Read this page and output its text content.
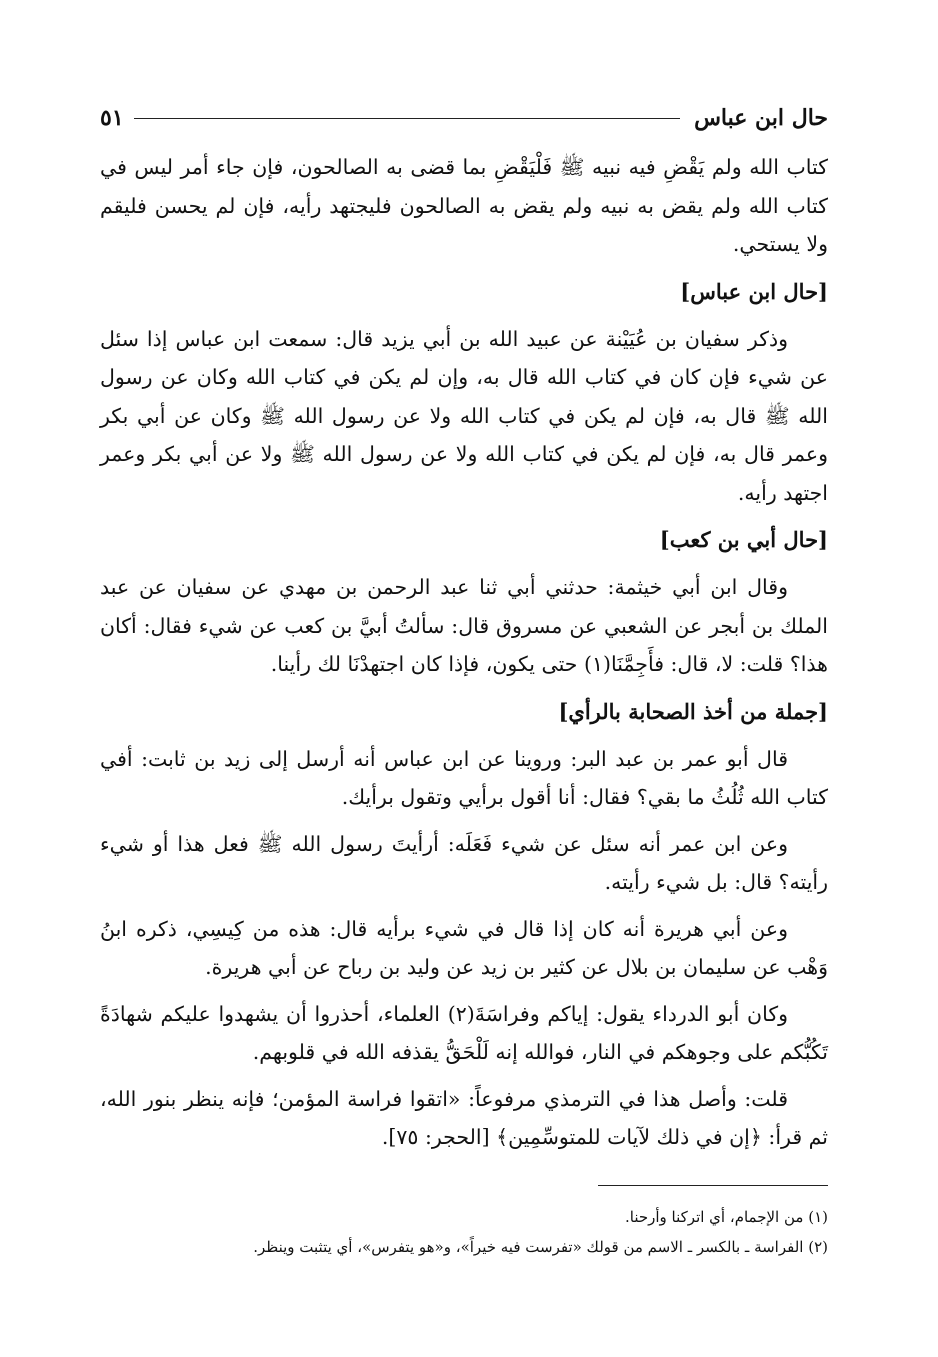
حال ابن عباس
٥١

كتاب الله ولم يَقْضِ فيه نبيه ﷺ فَلْيَقْضِ بما قضى به الصالحون، فإن جاء أمر ليس في كتاب الله ولم يقض به نبيه ولم يقض به الصالحون فليجتهد رأيه، فإن لم يحسن فليقم ولا يستحي.

[حال ابن عباس]

وذكر سفيان بن عُيَيْنة عن عبيد الله بن أبي يزيد قال: سمعت ابن عباس إذا سئل عن شيء فإن كان في كتاب الله قال به، وإن لم يكن في كتاب الله وكان عن رسول الله ﷺ قال به، فإن لم يكن في كتاب الله ولا عن رسول الله ﷺ وكان عن أبي بكر وعمر قال به، فإن لم يكن في كتاب الله ولا عن رسول الله ﷺ ولا عن أبي بكر وعمر اجتهد رأيه.

[حال أبي بن كعب]

وقال ابن أبي خيثمة: حدثني أبي ثنا عبد الرحمن بن مهدي عن سفيان عن عبد الملك بن أبجر عن الشعبي عن مسروق قال: سألتُ أبيَّ بن كعب عن شيء فقال: أكان هذا؟ قلت: لا، قال: فأَجِمَّنَا(١) حتى يكون، فإذا كان اجتهدْنَا لك رأينا.

[جملة من أخذ الصحابة بالرأي]

قال أبو عمر بن عبد البر: وروينا عن ابن عباس أنه أرسل إلى زيد بن ثابت: أفي كتاب الله ثُلُثُ ما بقي؟ فقال: أنا أقول برأيي وتقول برأيك.

وعن ابن عمر أنه سئل عن شيء فَعَلَه: أرأيتَ رسول الله ﷺ فعل هذا أو شيء رأيته؟ قال: بل شيء رأيته.

وعن أبي هريرة أنه كان إذا قال في شيء برأيه قال: هذه من كِيسِي، ذكره ابنُ وَهْب عن سليمان بن بلال عن كثير بن زيد عن وليد بن رباح عن أبي هريرة.

وكان أبو الدرداء يقول: إياكم وفراسَةَ(٢) العلماء، أحذروا أن يشهدوا عليكم شهادَةً تَكُبُّكم على وجوهكم في النار، فوالله إنه لَلْحَقُّ يقذفه الله في قلوبهم.

قلت: وأصل هذا في الترمذي مرفوعاً: «اتقوا فراسة المؤمن؛ فإنه ينظر بنور الله، ثم قرأ: ﴿إن في ذلك لآيات للمتوسِّمِين﴾ [الحجر: ٧٥].

(١) من الإجمام، أي اتركنا وأرحنا.

(٢) الفراسة ـ بالكسر ـ الاسم من قولك «تفرست فيه خيراً»، و«هو يتفرس»، أي يتثبت وينظر.
